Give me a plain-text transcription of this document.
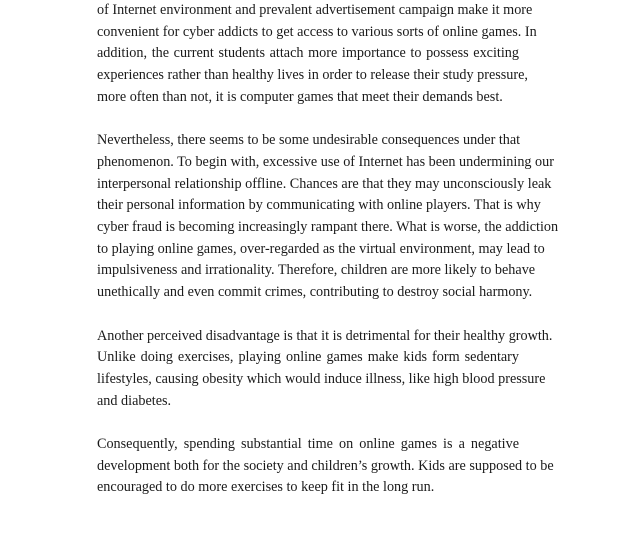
of Internet environment and prevalent advertisement campaign make it more
convenient for cyber addicts to get access to various sorts of online games. In
addition, the current students attach more importance to possess exciting
experiences rather than healthy lives in order to release their study pressure,
more often than not, it is computer games that meet their demands best.

Nevertheless, there seems to be some undesirable consequences under that
phenomenon. To begin with, excessive use of Internet has been undermining our
interpersonal relationship offline. Chances are that they may unconsciously leak
their personal information by communicating with online players. That is why
cyber fraud is becoming increasingly rampant there. What is worse, the addiction
to playing online games, over-regarded as the virtual environment, may lead to
impulsiveness and irrationality. Therefore, children are more likely to behave
unethically and even commit crimes, contributing to destroy social harmony.

Another perceived disadvantage is that it is detrimental for their healthy growth.
Unlike doing exercises, playing online games make kids form sedentary
lifestyles, causing obesity which would induce illness, like high blood pressure
and diabetes.

Consequently, spending substantial time on online games is a negative
development both for the society and children’s growth. Kids are supposed to be
encouraged to do more exercises to keep fit in the long run.
